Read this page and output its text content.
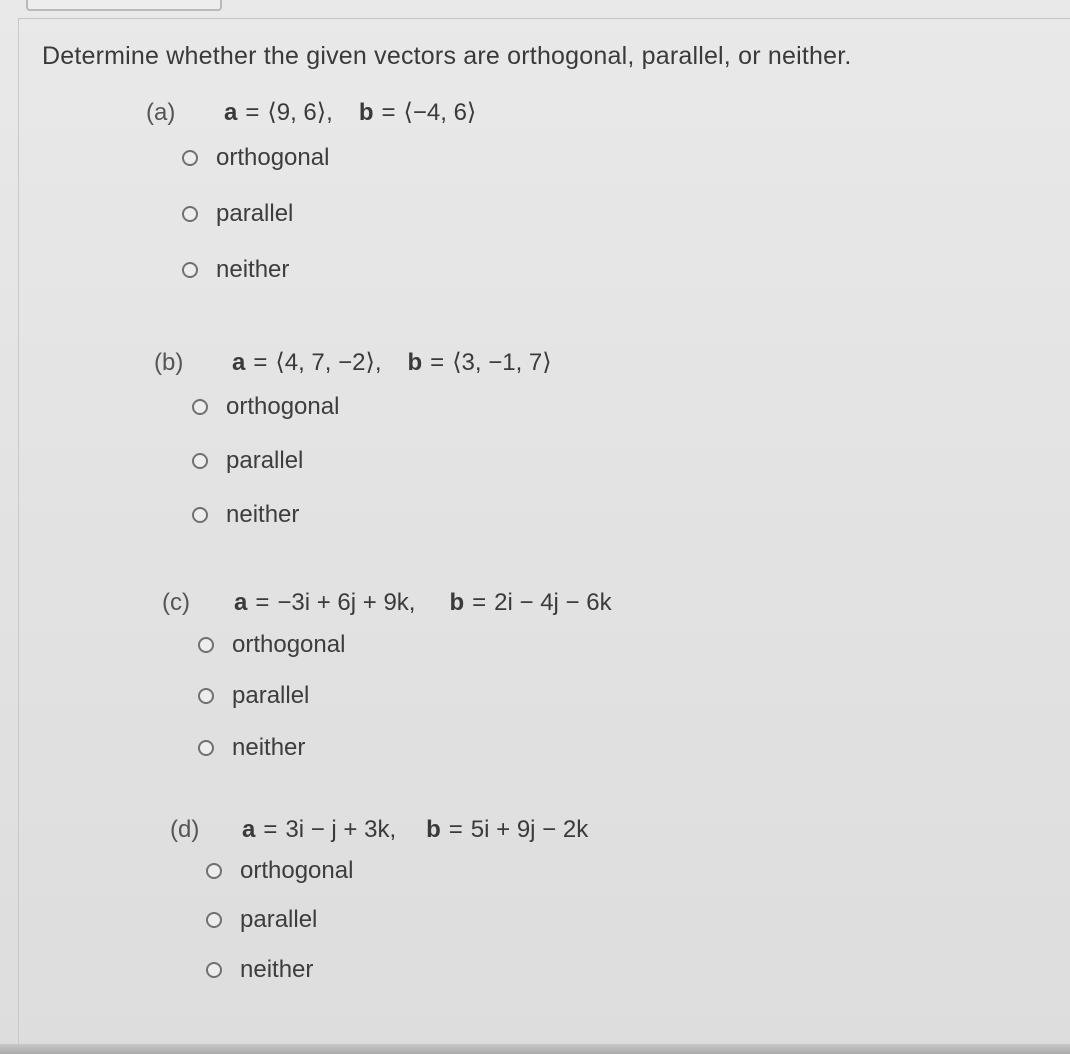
Determine whether the given vectors are orthogonal, parallel, or neither.
(a)	a = ⟨9, 6⟩, b = ⟨−4, 6⟩
orthogonal
parallel
neither
(b)	a = ⟨4, 7, −2⟩, b = ⟨3, −1, 7⟩
orthogonal
parallel
neither
(c)	a = −3i + 6j + 9k, b = 2i − 4j − 6k
orthogonal
parallel
neither
(d)	a = 3i − j + 3k, b = 5i + 9j − 2k
orthogonal
parallel
neither
